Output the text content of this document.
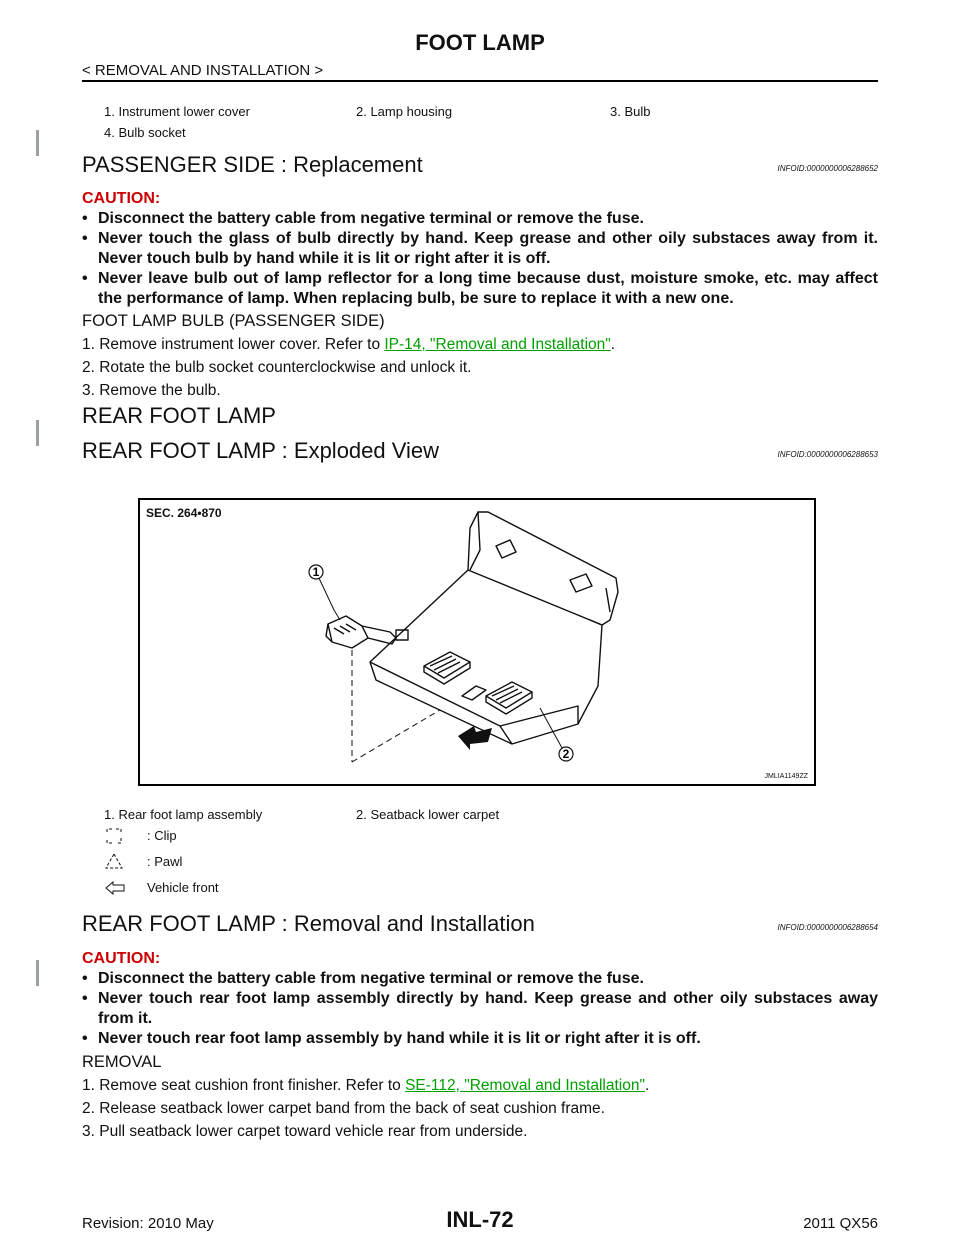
FOOT LAMP
< REMOVAL AND INSTALLATION >
1. Instrument lower cover	2. Lamp housing	3. Bulb
4. Bulb socket
PASSENGER SIDE : Replacement	INFOID:0000000006288652
CAUTION:
• Disconnect the battery cable from negative terminal or remove the fuse.
• Never touch the glass of bulb directly by hand. Keep grease and other oily substaces away from it. Never touch bulb by hand while it is lit or right after it is off.
• Never leave bulb out of lamp reflector for a long time because dust, moisture smoke, etc. may affect the performance of lamp. When replacing bulb, be sure to replace it with a new one.
FOOT LAMP BULB (PASSENGER SIDE)
1. Remove instrument lower cover. Refer to IP-14, "Removal and Installation".
2. Rotate the bulb socket counterclockwise and unlock it.
3. Remove the bulb.
REAR FOOT LAMP
REAR FOOT LAMP : Exploded View	INFOID:0000000006288653
SEC. 264•870
1
2
JMLIA1149ZZ
1. Rear foot lamp assembly	2. Seatback lower carpet
: Clip
: Pawl
Vehicle front
REAR FOOT LAMP : Removal and Installation	INFOID:0000000006288654
CAUTION:
• Disconnect the battery cable from negative terminal or remove the fuse.
• Never touch rear foot lamp assembly directly by hand. Keep grease and other oily substaces away from it.
• Never touch rear foot lamp assembly by hand while it is lit or right after it is off.
REMOVAL
1. Remove seat cushion front finisher. Refer to SE-112, "Removal and Installation".
2. Release seatback lower carpet band from the back of seat cushion frame.
3. Pull seatback lower carpet toward vehicle rear from underside.
Revision: 2010 May	INL-72	2011 QX56
